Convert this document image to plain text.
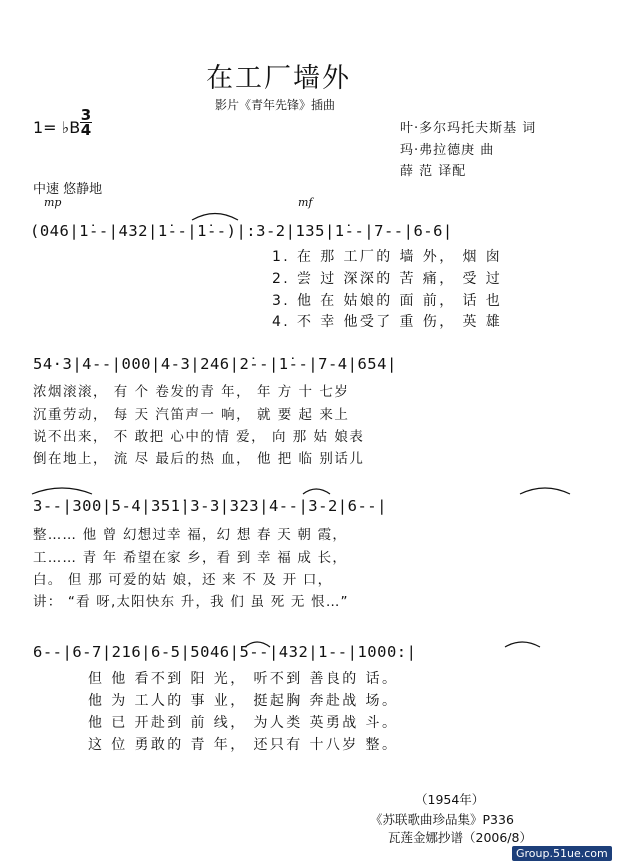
在工厂墙外
影片《青年先锋》插曲
1= ♭B
3
4	叶·多尔玛托夫斯基 词
玛·弗拉德庚 曲
薛 范 译配
中速 悠静地
mp	mf
(046|1̇--|432|1̇--|1̇--)|:3-2|135|1̇--|7--|6-6|
1. 在 那 工厂的 墙 外， 烟 囱
2. 尝 过 深深的 苦 痛， 受 过
3. 他 在 姑娘的 面 前， 话 也
4. 不 幸 他受了 重 伤， 英 雄
54·3|4--|000|4-3|246|2̇--|1̇--|7-4|654|
浓烟滚滚， 有 个 卷发的青 年， 年 方 十 七岁
沉重劳动， 每 天 汽笛声一 响， 就 要 起 来上
说不出来， 不 敢把 心中的情 爱， 向 那 姑 娘表
倒在地上， 流 尽 最后的热 血， 他 把 临 别话儿
3--|300|5-4|351̇|3-3|323|4--|3-2|6--|
整…… 他 曾 幻想过幸 福，幻 想 春 天 朝 霞，
工…… 青 年 希望在家 乡，看 到 幸 福 成 长，
白。 但 那 可爱的姑 娘，还 来 不 及 开 口，
讲： “看 呀,太阳快东 升，我 们 虽 死 无 恨…”
6--|6-7|216|6-5|5046|5--|432|1--|1000:|
但 他 看不到 阳 光， 听不到 善良的 话。
他 为 工人的 事 业， 挺起胸 奔赴战 场。
他 已 开赴到 前 线， 为人类 英勇战 斗。
这 位 勇敢的 青 年， 还只有 十八岁 整。
（1954年）
《苏联歌曲珍品集》P336
瓦莲金娜抄谱（2006/8）
Group.51ue.com
